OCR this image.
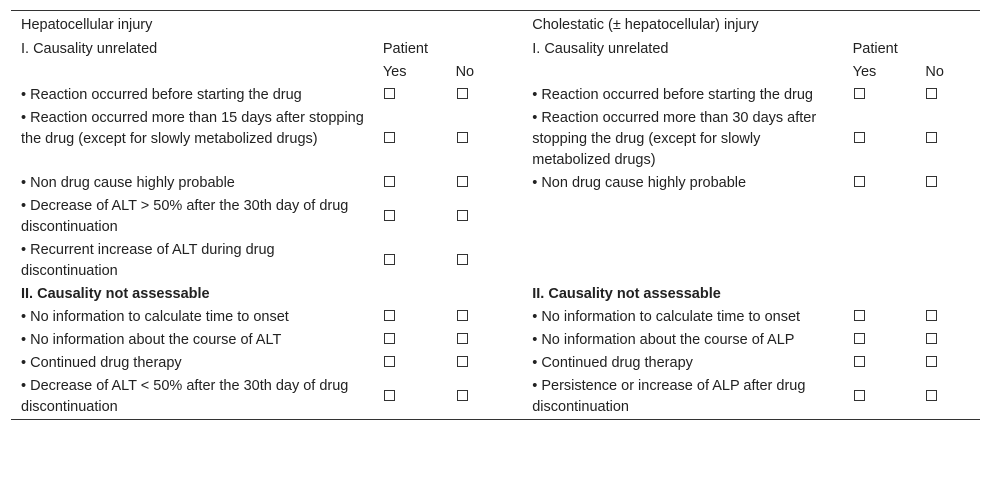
Hepatocellular injury			Cholestatic (± hepatocellular) injury		
I. Causality unrelated	Patient		I. Causality unrelated	Patient	
	Yes	No		Yes	No
• Reaction occurred before starting the drug			• Reaction occurred before starting the drug		
• Reaction occurred more than 15 days after stopping the drug (except for slowly metabolized drugs)			• Reaction occurred more than 30 days after stopping the drug (except for slowly metabolized drugs)		
• Non drug cause highly probable			• Non drug cause highly probable		
• Decrease of ALT > 50% after the 30th day of drug discontinuation					
• Recurrent increase of ALT during drug discontinuation					
II. Causality not assessable			II. Causality not assessable		
• No information to calculate time to onset			• No information to calculate time to onset		
• No information about the course of ALT			• No information about the course of ALP		
• Continued drug therapy			• Continued drug therapy		
• Decrease of ALT < 50% after the 30th day of drug discontinuation			• Persistence or increase of ALP after drug discontinuation		
